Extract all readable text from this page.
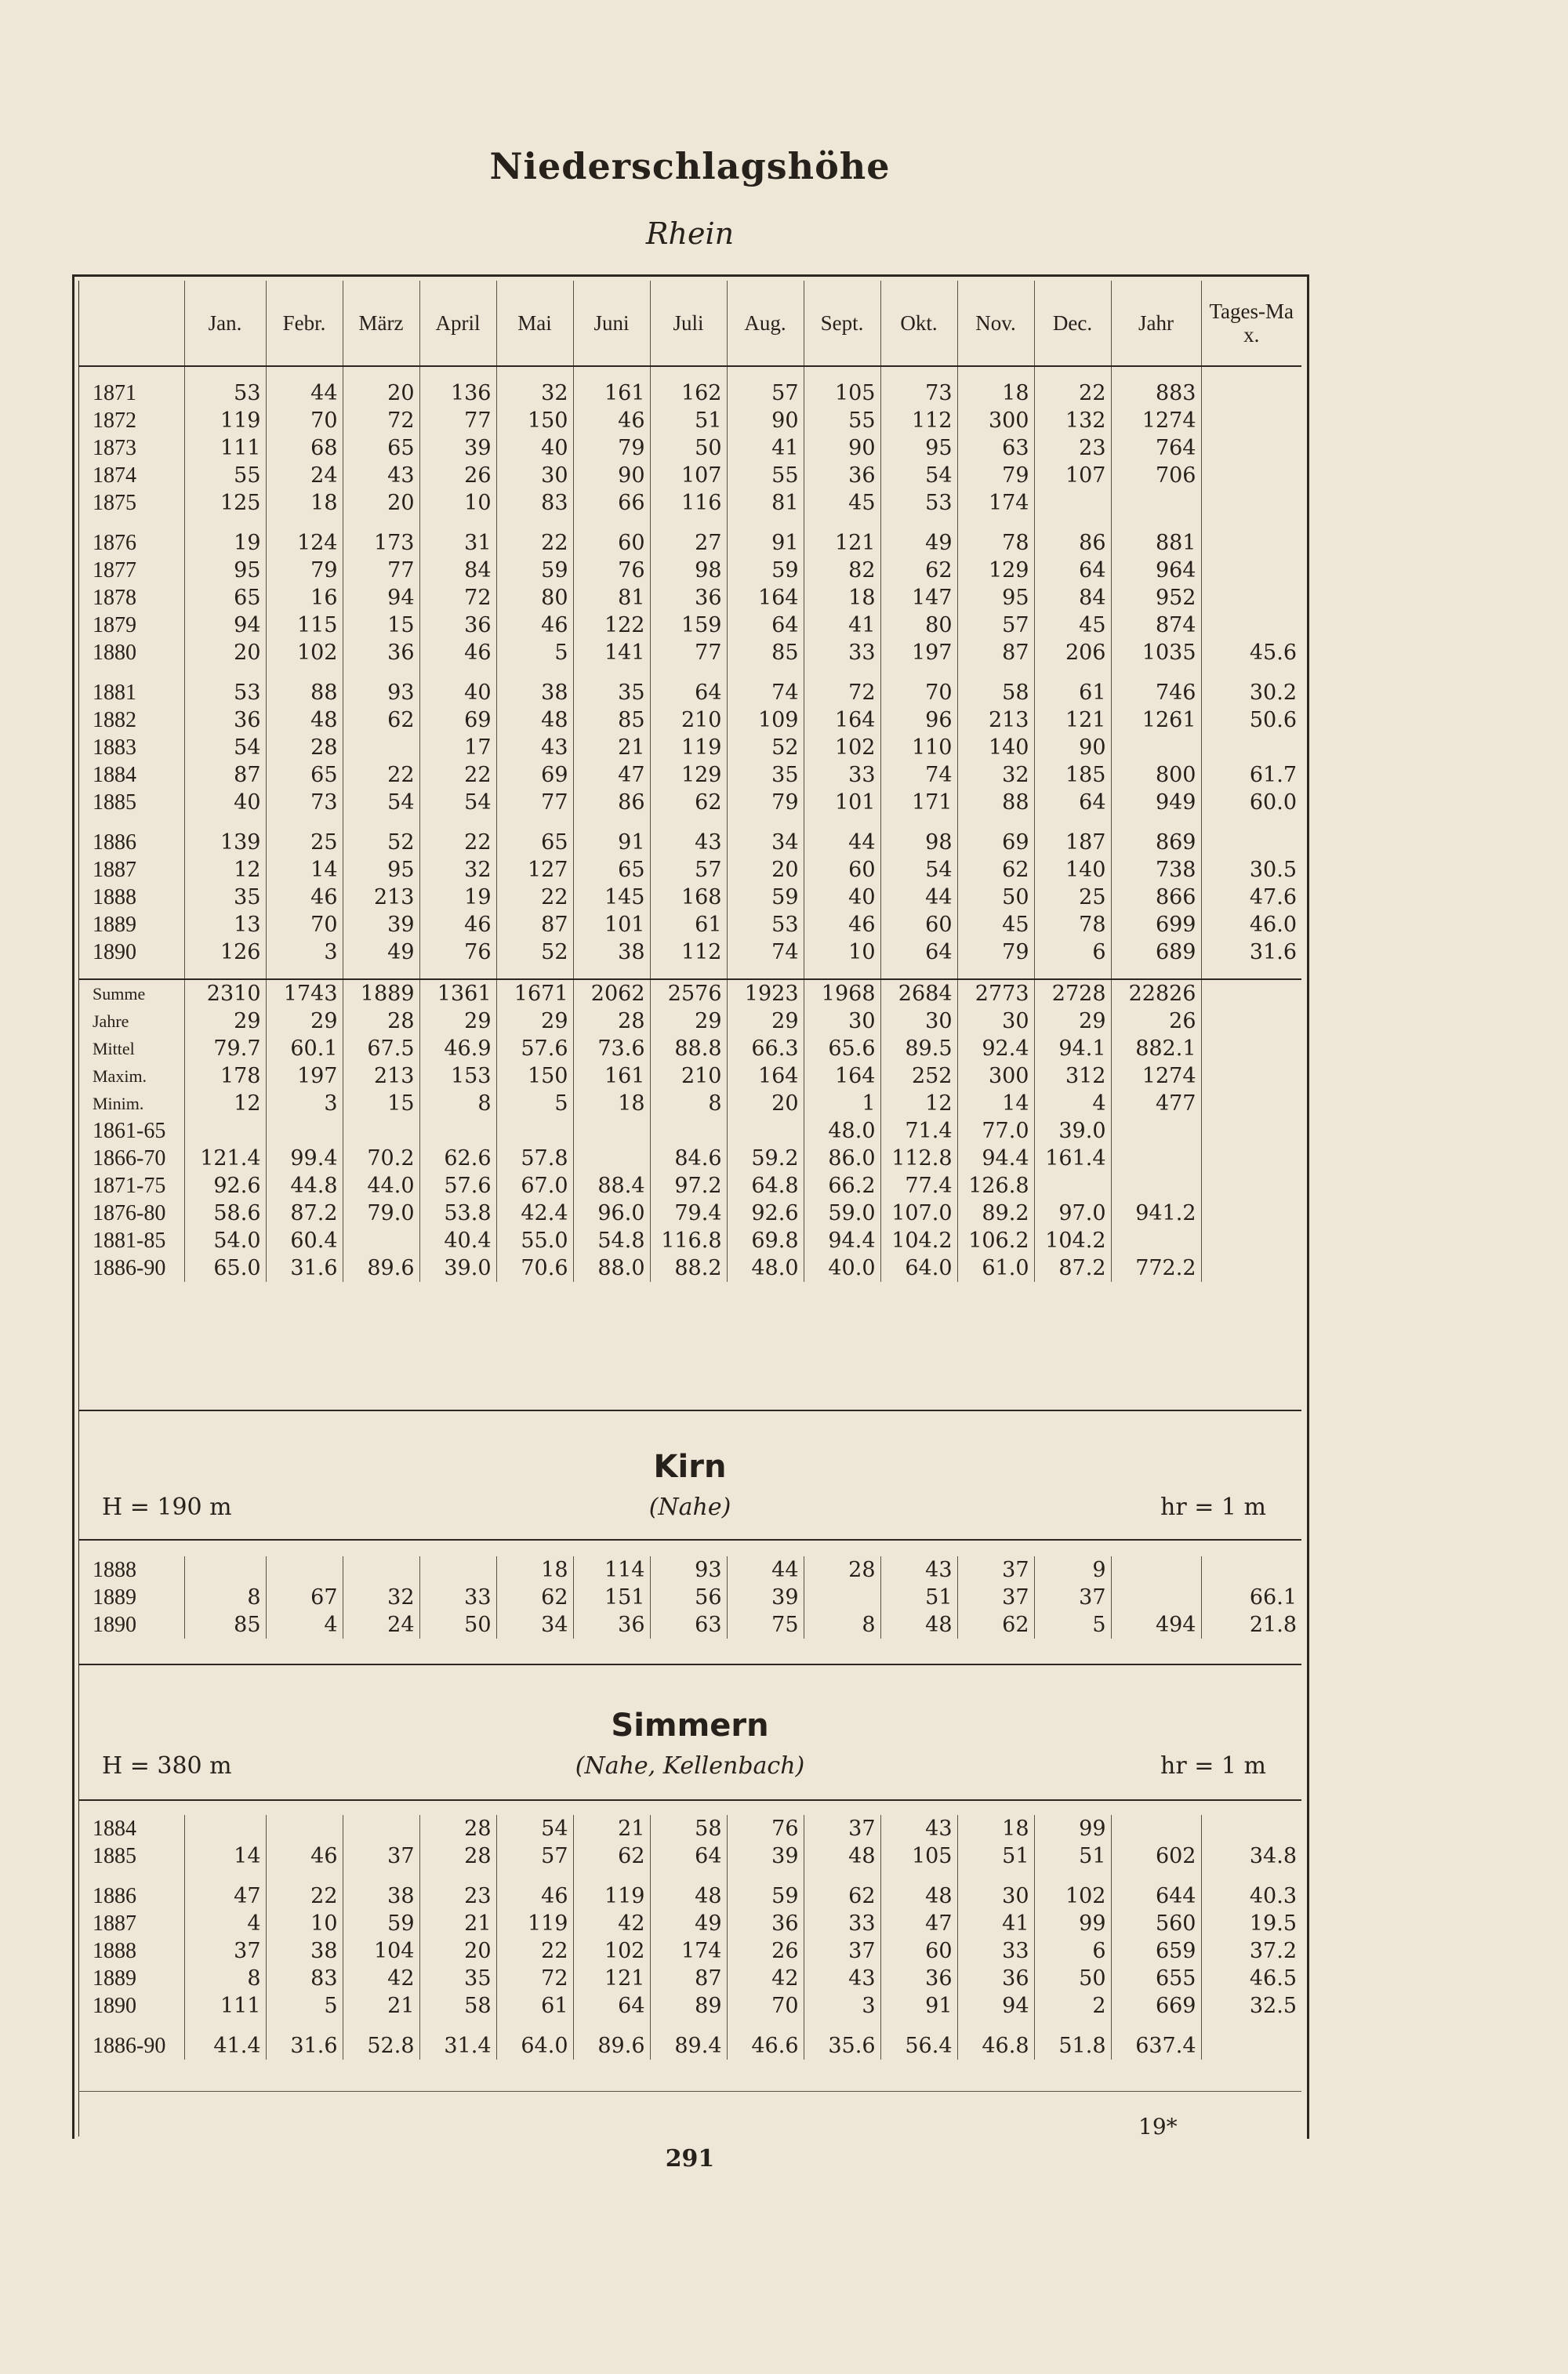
Niederschlagshöhe
Rhein
	Jan.	Febr.	März	April	Mai	Juni	Juli	Aug.	Sept.	Okt.	Nov.	Dec.	Jahr	Tages-Max.

1871	53	44	20	136	32	161	162	57	105	73	18	22	883	
1872	119	70	72	77	150	46	51	90	55	112	300	132	1274	
1873	111	68	65	39	40	79	50	41	90	95	63	23	764	
1874	55	24	43	26	30	90	107	55	36	54	79	107	706	
1875	125	18	20	10	83	66	116	81	45	53	174			

1876	19	124	173	31	22	60	27	91	121	49	78	86	881	
1877	95	79	77	84	59	76	98	59	82	62	129	64	964	
1878	65	16	94	72	80	81	36	164	18	147	95	84	952	
1879	94	115	15	36	46	122	159	64	41	80	57	45	874	
1880	20	102	36	46	5	141	77	85	33	197	87	206	1035	45.6

1881	53	88	93	40	38	35	64	74	72	70	58	61	746	30.2
1882	36	48	62	69	48	85	210	109	164	96	213	121	1261	50.6
1883	54	28		17	43	21	119	52	102	110	140	90		
1884	87	65	22	22	69	47	129	35	33	74	32	185	800	61.7
1885	40	73	54	54	77	86	62	79	101	171	88	64	949	60.0

1886	139	25	52	22	65	91	43	34	44	98	69	187	869	
1887	12	14	95	32	127	65	57	20	60	54	62	140	738	30.5
1888	35	46	213	19	22	145	168	59	40	44	50	25	866	47.6
1889	13	70	39	46	87	101	61	53	46	60	45	78	699	46.0
1890	126	3	49	76	52	38	112	74	10	64	79	6	689	31.6

Summe	2310	1743	1889	1361	1671	2062	2576	1923	1968	2684	2773	2728	22826	
Jahre	29	29	28	29	29	28	29	29	30	30	30	29	26	
Mittel	79.7	60.1	67.5	46.9	57.6	73.6	88.8	66.3	65.6	89.5	92.4	94.1	882.1	
Maxim.	178	197	213	153	150	161	210	164	164	252	300	312	1274	
Minim.	12	3	15	8	5	18	8	20	1	12	14	4	477	
1861-65									48.0	71.4	77.0	39.0		
1866-70	121.4	99.4	70.2	62.6	57.8		84.6	59.2	86.0	112.8	94.4	161.4		
1871-75	92.6	44.8	44.0	57.6	67.0	88.4	97.2	64.8	66.2	77.4	126.8			
1876-80	58.6	87.2	79.0	53.8	42.4	96.0	79.4	92.6	59.0	107.0	89.2	97.0	941.2	
1881-85	54.0	60.4		40.4	55.0	54.8	116.8	69.8	94.4	104.2	106.2	104.2		
1886-90	65.0	31.6	89.6	39.0	70.6	88.0	88.2	48.0	40.0	64.0	61.0	87.2	772.2	
Kirn
H = 190 m	(Nahe)	hr = 1 m
1888					18	114	93	44	28	43	37	9		
1889	8	67	32	33	62	151	56	39		51	37	37		66.1
1890	85	4	24	50	34	36	63	75	8	48	62	5	494	21.8
Simmern
H = 380 m	(Nahe, Kellenbach)	hr = 1 m
1884				28	54	21	58	76	37	43	18	99		
1885	14	46	37	28	57	62	64	39	48	105	51	51	602	34.8

1886	47	22	38	23	46	119	48	59	62	48	30	102	644	40.3
1887	4	10	59	21	119	42	49	36	33	47	41	99	560	19.5
1888	37	38	104	20	22	102	174	26	37	60	33	6	659	37.2
1889	8	83	42	35	72	121	87	42	43	36	36	50	655	46.5
1890	111	5	21	58	61	64	89	70	3	91	94	2	669	32.5

1886-90	41.4	31.6	52.8	31.4	64.0	89.6	89.4	46.6	35.6	56.4	46.8	51.8	637.4	
19*
291
